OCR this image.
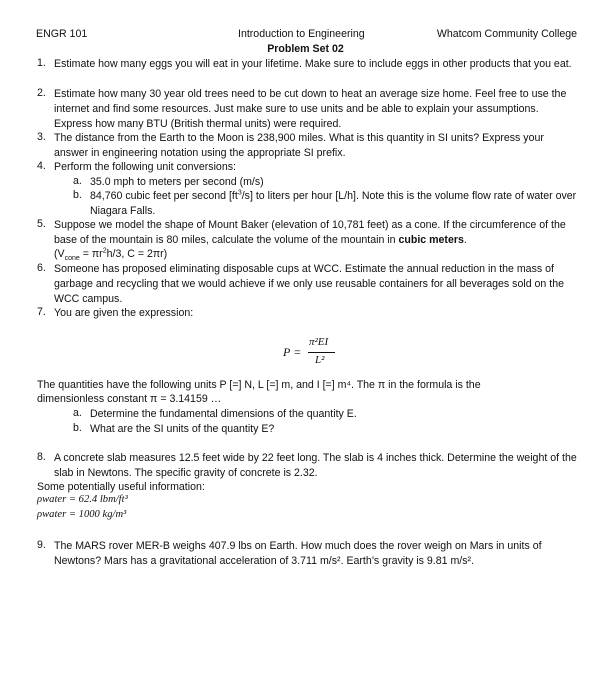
ENGR 101	Introduction to Engineering	Whatcom Community College
Problem Set 02
1. Estimate how many eggs you will eat in your lifetime. Make sure to include eggs in other products that you eat.
2. Estimate how many 30 year old trees need to be cut down to heat an average size home. Feel free to use the internet and find some resources. Just make sure to use units and be able to explain your assumptions. Express how many BTU (British thermal units) were required.
3. The distance from the Earth to the Moon is 238,900 miles. What is this quantity in SI units? Express your answer in engineering notation using the appropriate SI prefix.
4. Perform the following unit conversions:
a. 35.0 mph to meters per second (m/s)
b. 84,760 cubic feet per second $[ft^3/s]$ to liters per hour [L/h]. Note this is the volume flow rate of water over Niagara Falls.
5. Suppose we model the shape of Mount Baker (elevation of 10,781 feet) as a cone. If the circumference of the base of the mountain is 80 miles, calculate the volume of the mountain in cubic meters.
($V_{cone} = \pi r^2h/3$, C = 2πr)
6. Someone has proposed eliminating disposable cups at WCC. Estimate the annual reduction in the mass of garbage and recycling that we would achieve if we only use reusable containers for all beverages sold on the WCC campus.
7. You are given the expression:
P =
π²EI
L²
The quantities have the following units P [=] N, L [=] m, and I [=] m⁴. The π in the formula is the
dimensionless constant π = 3.14159 …
a. Determine the fundamental dimensions of the quantity E.
b. What are the SI units of the quantity E?
8. A concrete slab measures 12.5 feet wide by 22 feet long. The slab is 4 inches thick. Determine the weight of the slab in Newtons. The specific gravity of concrete is 2.32.
Some potentially useful information:
ρwater = 62.4 lbm/ft³
ρwater = 1000 kg/m³
9. The MARS rover MER-B weighs 407.9 lbs on Earth. How much does the rover weigh on Mars in units of Newtons? Mars has a gravitational acceleration of 3.711 m/s². Earth’s gravity is 9.81 m/s².
